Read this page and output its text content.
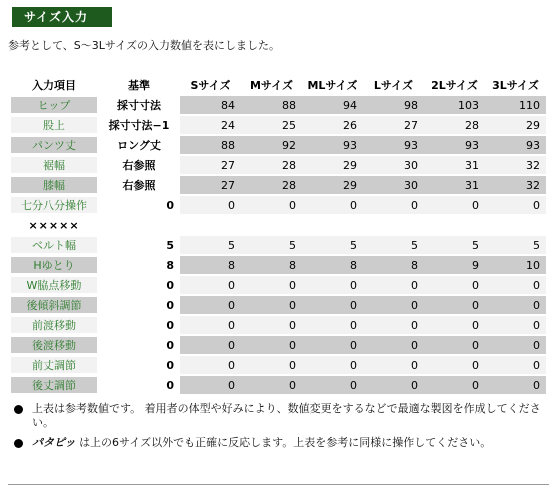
サイズ入力
参考として、S〜3Lサイズの入力数値を表にしました。
入力項目	基準	Sサイズ	Mサイズ	MLサイズ	Lサイズ	2Lサイズ	3Lサイズ
ヒップ	採寸寸法	84	88	94	98	103	110
股上	採寸寸法−1	24	25	26	27	28	29
パンツ丈	ロング丈	88	92	93	93	93	93
裾幅	右参照	27	28	29	30	31	32
膝幅	右参照	27	28	29	30	31	32
七分八分操作	0	0	0	0	0	0	0
×××××							
ベルト幅	5	5	5	5	5	5	5
Hゆとり	8	8	8	8	8	9	10
W脇点移動	0	0	0	0	0	0	0
後傾斜調節	0	0	0	0	0	0	0
前渡移動	0	0	0	0	0	0	0
後渡移動	0	0	0	0	0	0	0
前丈調節	0	0	0	0	0	0	0
後丈調節	0	0	0	0	0	0	0
上表は参考数値です。 着用者の体型や好みにより、数値変更をするなどで最適な製図を作成してください。
パタピッ は上の6サイズ以外でも正確に反応します。上表を参考に同様に操作してください。
